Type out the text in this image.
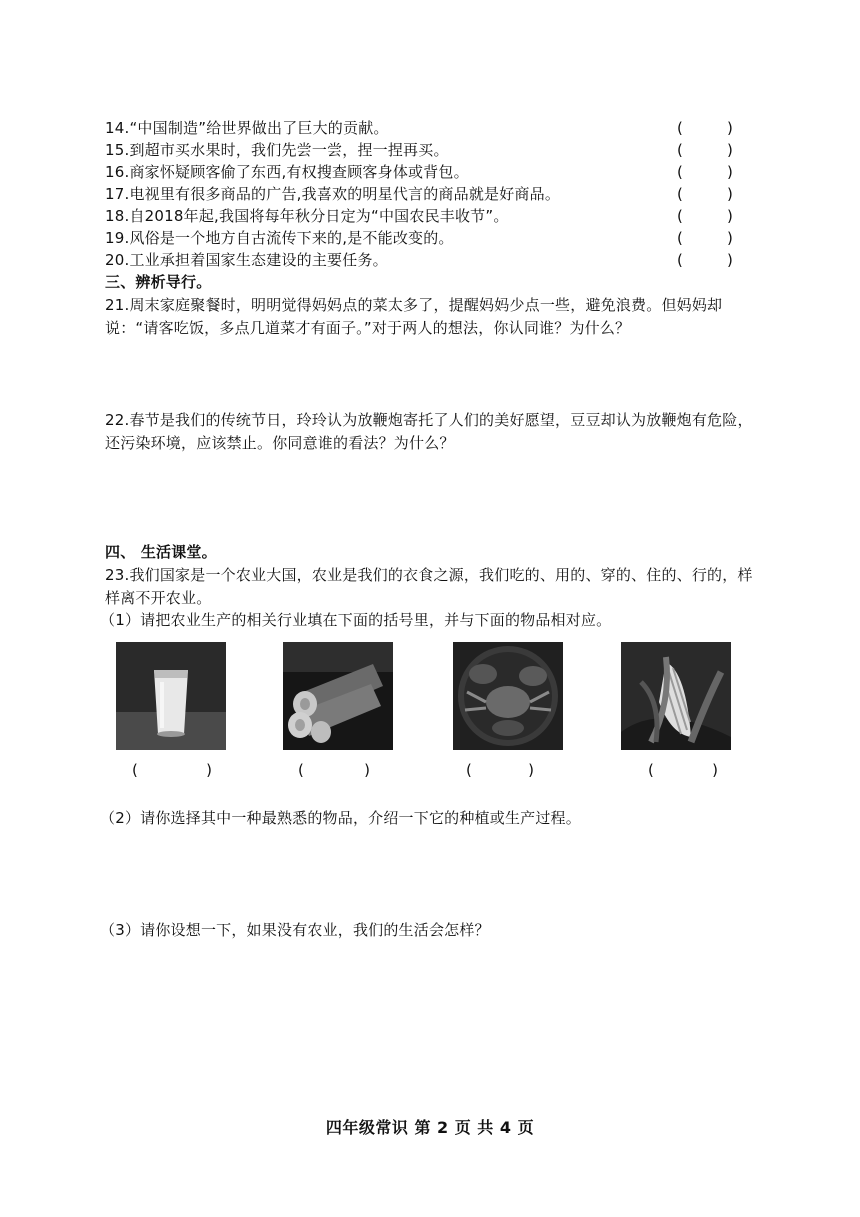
14.“中国制造”给世界做出了巨大的贡献。	(	)
15.到超市买水果时，我们先尝一尝，捏一捏再买。	(	)
16.商家怀疑顾客偷了东西,有权搜查顾客身体或背包。	(	)
17.电视里有很多商品的广告,我喜欢的明星代言的商品就是好商品。	(	)
18.自2018年起,我国将每年秋分日定为“中国农民丰收节”。	(	)
19.风俗是一个地方自古流传下来的,是不能改变的。	(	)
20.工业承担着国家生态建设的主要任务。	(	)
三、辨析导行。
21.周末家庭聚餐时，明明觉得妈妈点的菜太多了，提醒妈妈少点一些，避免浪费。但妈妈却说：“请客吃饭，多点几道菜才有面子。”对于两人的想法，你认同谁？为什么？
22.春节是我们的传统节日，玲玲认为放鞭炮寄托了人们的美好愿望，豆豆却认为放鞭炮有危险，还污染环境，应该禁止。你同意谁的看法？为什么？
四、 生活课堂。
23.我们国家是一个农业大国，农业是我们的衣食之源，我们吃的、用的、穿的、住的、行的，样样离不开农业。
（1）请把农业生产的相关行业填在下面的括号里，并与下面的物品相对应。
(	)	(	)	(	)	(	)
（2）请你选择其中一种最熟悉的物品，介绍一下它的种植或生产过程。
（3）请你设想一下，如果没有农业，我们的生活会怎样？
四年级常识 第 2 页 共 4 页
